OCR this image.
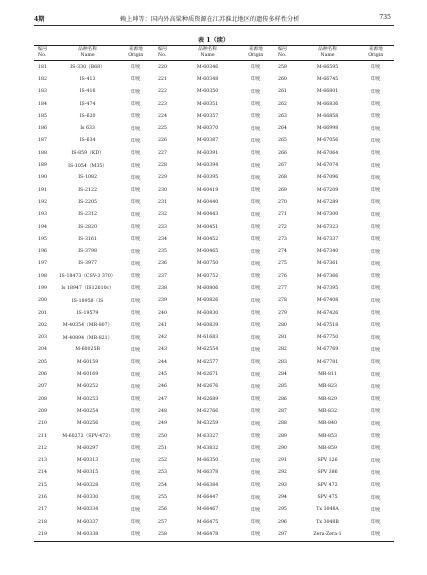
4期	赖上坤等：国内外高粱种质资源在江苏淮北地区的遗传多样性分析	735
表 1（续）
编号	品种名称	来源地	编号	品种名称	来源地	编号	品种名称	来源地
No.	Name	Origin	No.	Name	Origin	No.	Name	Origin
181	IS-330（B68）	印度	220	M-60346	印度	259	M-66595	印度
182	IS-413	印度	221	M-60348	印度	260	M-66745	印度
183	IS-416	印度	222	M-60350	印度	261	M-66801	印度
184	IS-474	印度	223	M-60351	印度	262	M-66836	印度
185	IS-620	印度	224	M-60357	印度	263	M-66858	印度
186	Is 633	印度	225	M-60370	印度	264	M-66998	印度
187	IS-634	印度	226	M-60387	印度	265	M-67056	印度
188	IS-859（KD）	印度	227	M-60391	印度	266	M-67064	印度
189	IS-1054（M35）	印度	228	M-60394	印度	267	M-67074	印度
190	IS-1082	印度	229	M-60395	印度	268	M-67096	印度
191	IS-2122	印度	230	M-60419	印度	269	M-67209	印度
192	IS-2205	印度	231	M-60440	印度	270	M-67289	印度
193	IS-2312	印度	232	M-60443	印度	271	M-67300	印度
194	IS-2820	印度	233	M-60451	印度	272	M-67323	印度
195	IS-3161	印度	234	M-60452	印度	273	M-67337	印度
196	IS-3798	印度	235	M-60465	印度	274	M-67340	印度
197	IS-3977	印度	236	M-60750	印度	275	M-67361	印度
198	IS-18473（CSV-3 370）	印度	237	M-60752	印度	276	M-67366	印度
199	Is 18947（IS12610c）	印度	238	M-60806	印度	277	M-67395	印度
200	IS-18958（IS	印度	239	M-60826	印度	278	M-67408	印度
201	IS-19579	印度	240	M-60830	印度	279	M-67426	印度
202	M-40354（MR-807）	印度	241	M-60839	印度	280	M-67518	印度
203	M-40894（MR-821）	印度	242	M-61683	印度	281	M-67750	印度
204	M-60025B	印度	243	M-62554	印度	282	M-67769	印度
205	M-60159	印度	244	M-62577	印度	283	M-67781	印度
206	M-60169	印度	245	M-62671	印度	284	MR-811	印度
207	M-60252	印度	246	M-62676	印度	285	MR-823	印度
208	M-60253	印度	247	M-62689	印度	286	MR-829	印度
209	M-60254	印度	248	M-62766	印度	287	MR-832	印度
210	M-60256	印度	249	M-63259	印度	288	MR-840	印度
211	M-60272（SPV-472）	印度	250	M-63327	印度	289	MR-853	印度
212	M-60297	印度	251	M-63832	印度	290	MR-859	印度
213	M-60313	印度	252	M-66350	印度	291	SPV 126	印度
214	M-60315	印度	253	M-66378	印度	292	SPV 386	印度
215	M-60328	印度	254	M-66384	印度	293	SPV 472	印度
216	M-60330	印度	255	M-66447	印度	294	SPV 475	印度
217	M-60334	印度	256	M-66467	印度	295	Tx 3048A	印度
218	M-60337	印度	257	M-66475	印度	296	Tx 3048B	印度
219	M-60338	印度	258	M-66478	印度	297	Zera-Zera-1	印度
